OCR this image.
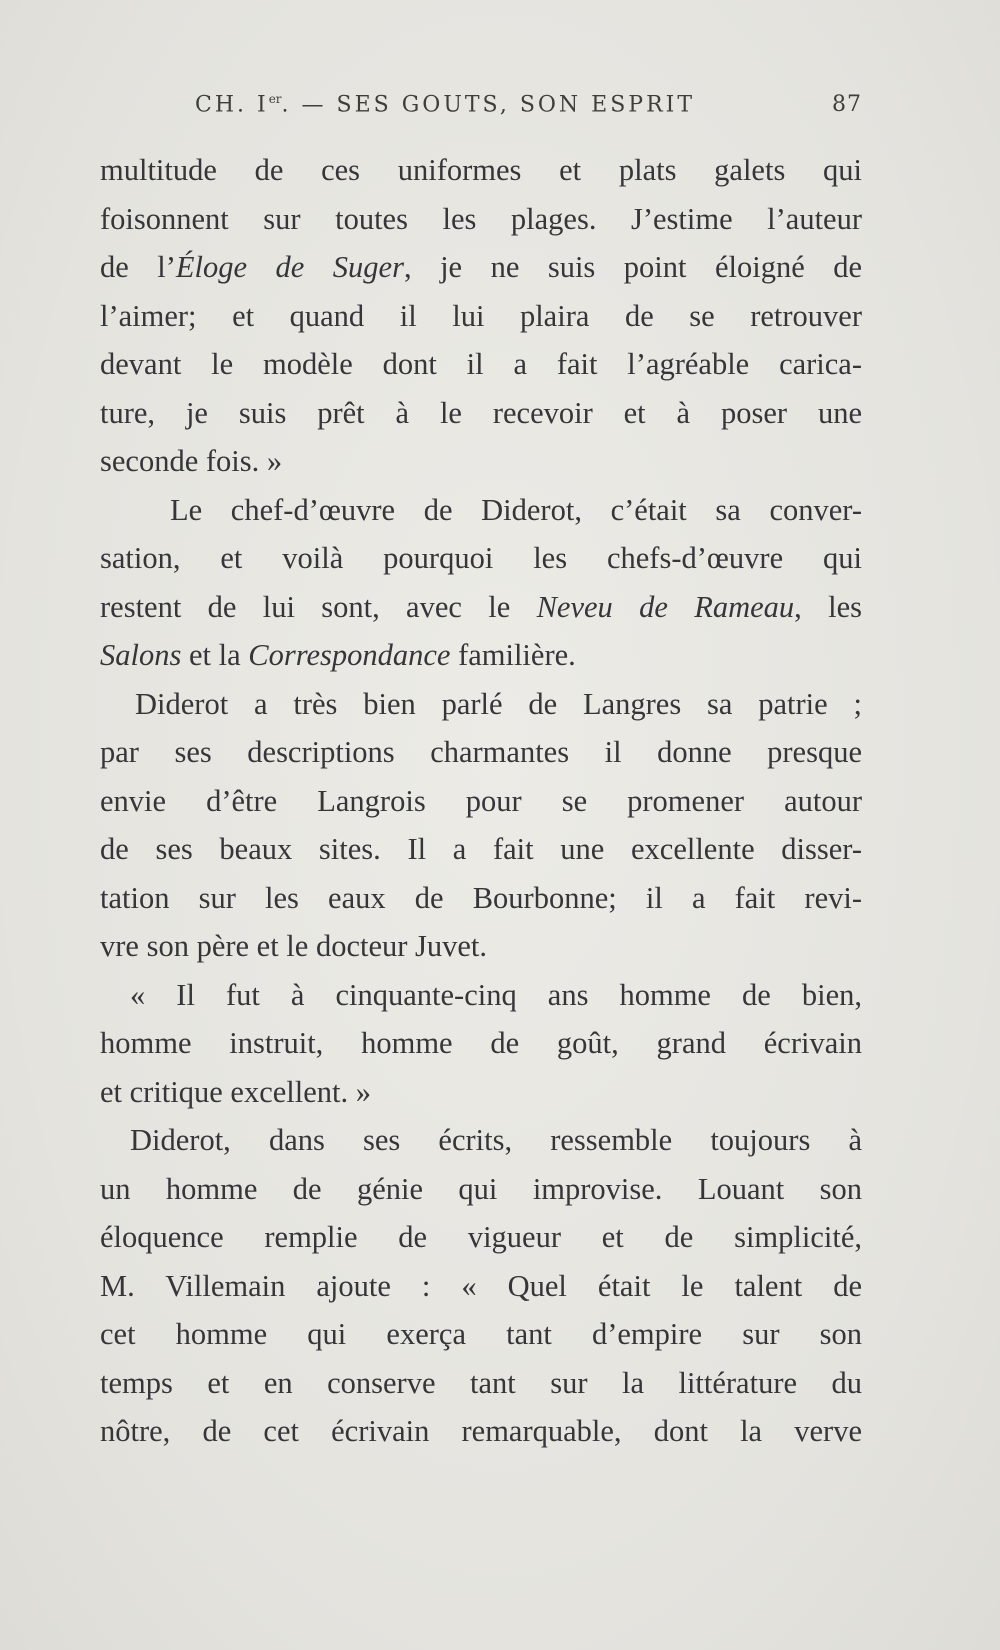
CH. Ier. — SES GOUTS, SON ESPRIT	87
multitude de ces uniformes et plats galets qui
foisonnent sur toutes les plages. J’estime l’auteur
de l’Éloge de Suger, je ne suis point éloigné de
l’aimer; et quand il lui plaira de se retrouver
devant le modèle dont il a fait l’agréable carica-
ture, je suis prêt à le recevoir et à poser une
seconde fois. »
Le chef-d’œuvre de Diderot, c’était sa conver-
sation, et voilà pourquoi les chefs-d’œuvre qui
restent de lui sont, avec le Neveu de Rameau, les
Salons et la Correspondance familière.
Diderot a très bien parlé de Langres sa patrie ;
par ses descriptions charmantes il donne presque
envie d’être Langrois pour se promener autour
de ses beaux sites. Il a fait une excellente disser-
tation sur les eaux de Bourbonne; il a fait revi-
vre son père et le docteur Juvet.
« Il fut à cinquante-cinq ans homme de bien,
homme instruit, homme de goût, grand écrivain
et critique excellent. »
Diderot, dans ses écrits, ressemble toujours à
un homme de génie qui improvise. Louant son
éloquence remplie de vigueur et de simplicité,
M. Villemain ajoute : « Quel était le talent de
cet homme qui exerça tant d’empire sur son
temps et en conserve tant sur la littérature du
nôtre, de cet écrivain remarquable, dont la verve
